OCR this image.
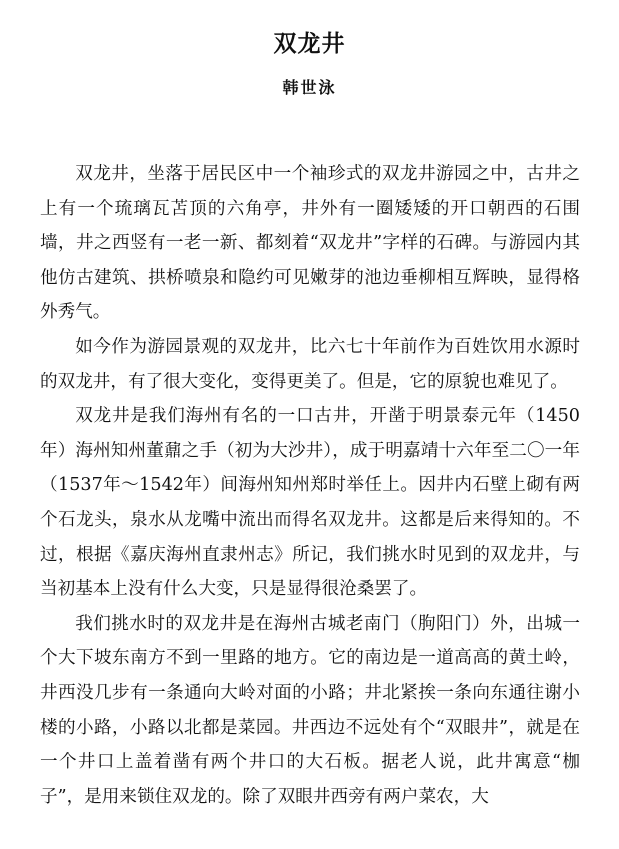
双龙井
韩世泳

双龙井，坐落于居民区中一个袖珍式的双龙井游园之中，古井之上有一个琉璃瓦苫顶的六角亭，井外有一圈矮矮的开口朝西的石围墙，井之西竖有一老一新、都刻着“双龙井”字样的石碑。与游园内其他仿古建筑、拱桥喷泉和隐约可见嫩芽的池边垂柳相互辉映，显得格外秀气。

如今作为游园景观的双龙井，比六七十年前作为百姓饮用水源时的双龙井，有了很大变化，变得更美了。但是，它的原貌也难见了。

双龙井是我们海州有名的一口古井，开凿于明景泰元年（1450年）海州知州董鼐之手（初为大沙井），成于明嘉靖十六年至二〇一年（1537年～1542年）间海州知州郑时举任上。因井内石壁上砌有两个石龙头，泉水从龙嘴中流出而得名双龙井。这都是后来得知的。不过，根据《嘉庆海州直隶州志》所记，我们挑水时见到的双龙井，与当初基本上没有什么大变，只是显得很沧桑罢了。

我们挑水时的双龙井是在海州古城老南门（朐阳门）外，出城一个大下坡东南方不到一里路的地方。它的南边是一道高高的黄土岭，井西没几步有一条通向大岭对面的小路；井北紧挨一条向东通往谢小楼的小路，小路以北都是菜园。井西边不远处有个“双眼井”，就是在一个井口上盖着凿有两个井口的大石板。据老人说，此井寓意“枷子”，是用来锁住双龙的。除了双眼井西旁有两户菜农，大
